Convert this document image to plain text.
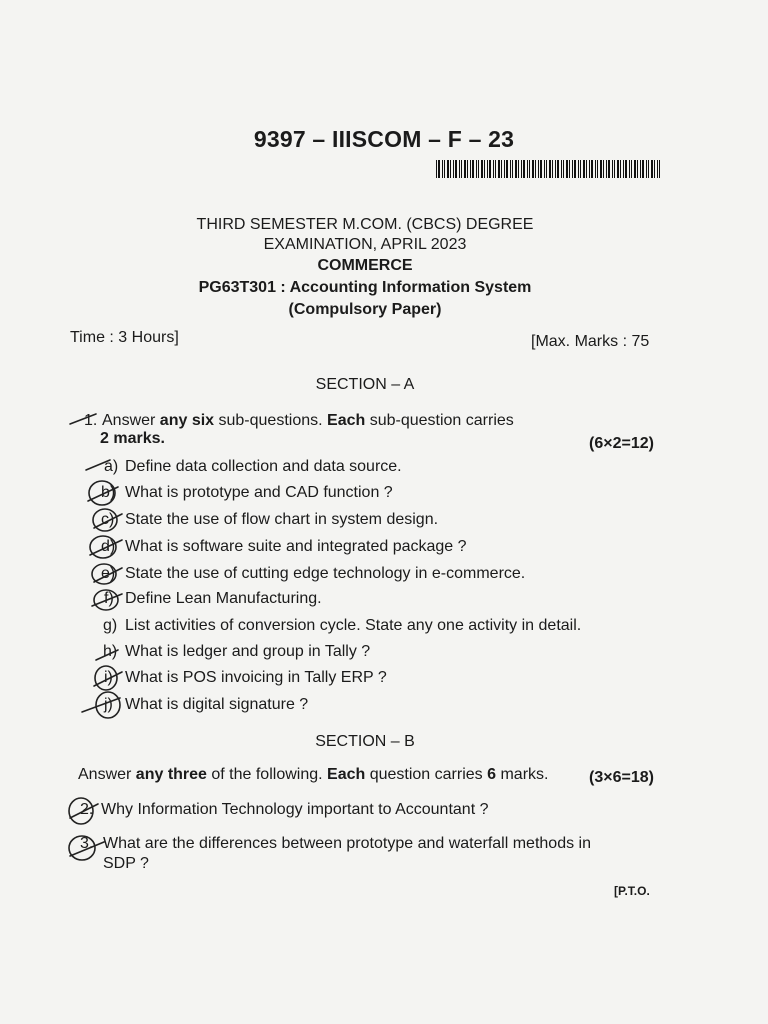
9397 – IIISCOM – F – 23
THIRD SEMESTER M.COM. (CBCS) DEGREE
EXAMINATION, APRIL 2023
COMMERCE
PG63T301 : Accounting Information System
(Compulsory Paper)
Time : 3 Hours]	[Max. Marks : 75
SECTION – A
1. Answer any six sub-questions. Each sub-question carries
2 marks.	(6×2=12)
a) Define data collection and data source.
b) What is prototype and CAD function ?
c) State the use of flow chart in system design.
d) What is software suite and integrated package ?
e) State the use of cutting edge technology in e-commerce.
f) Define Lean Manufacturing.
g) List activities of conversion cycle. State any one activity in detail.
h) What is ledger and group in Tally ?
i) What is POS invoicing in Tally ERP ?
j) What is digital signature ?
SECTION – B
Answer any three of the following. Each question carries 6 marks.	(3×6=18)
2. Why Information Technology important to Accountant ?
3. What are the differences between prototype and waterfall methods in
SDP ?
[P.T.O.
